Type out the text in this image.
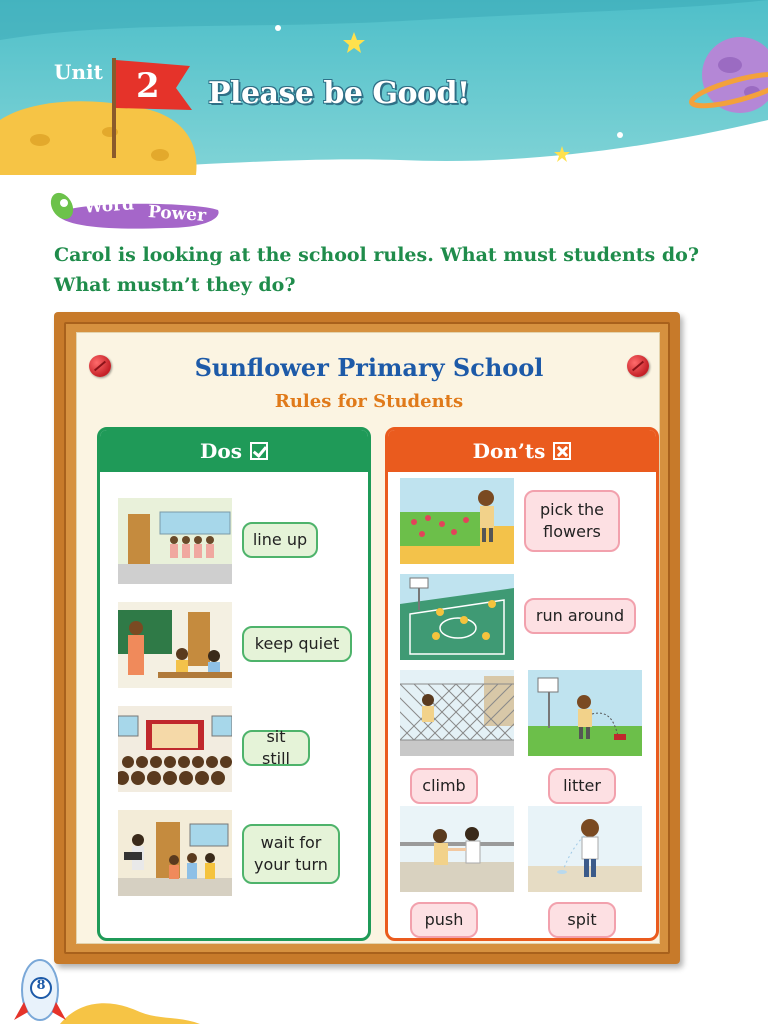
Unit 2 Please be Good!
Word Power
Carol is looking at the school rules. What must students do? What mustn’t they do?
Sunflower Primary School
Rules for Students
Dos
line up
keep quiet
sit still
wait for your turn
Don’ts
pick the flowers
run around
climb	litter
push	spit
8
